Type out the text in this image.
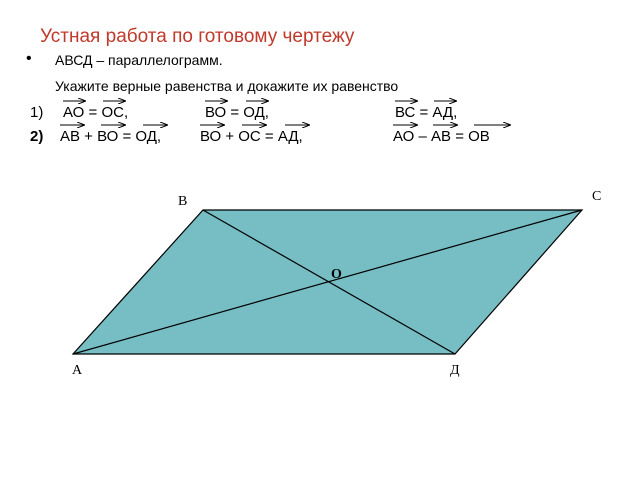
Устная работа по готовому чертежу
• АВСД – параллелограмм.
Укажите верные равенства и докажите их равенство
1) АО = ОС,	ВО = ОД,	ВС = АД,
2) АВ + ВО = ОД,	ВО + ОС = АД,	АО – АВ = ОВ
В	С
А	Д
О
